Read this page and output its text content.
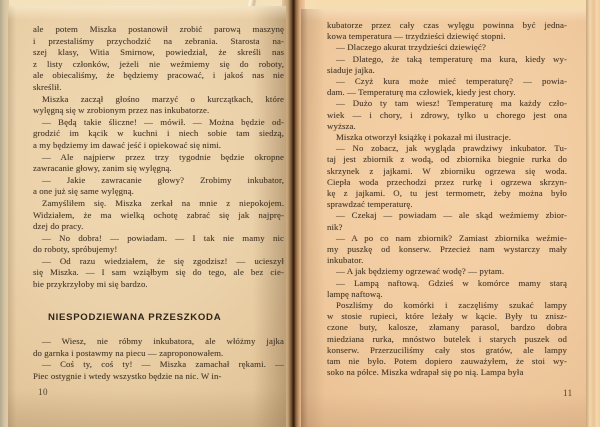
ale potem Miszka postanowił zrobić parową maszynę
i przestaliśmy przychodzić na zebrania. Starosta na-
szej klasy, Witia Smirnow, powiedział, że skreśli nas
z listy członków, jeżeli nie weźmiemy się do roboty,
ale obiecaliśmy, że będziemy pracować, i jakoś nas nie
skreślił.
Miszka zaczął głośno marzyć o kurczątkach, które
wylęgną się w zrobionym przez nas inkubatorze.
— Będą takie śliczne! — mówił. — Można będzie od-
grodzić im kącik w kuchni i niech sobie tam siedzą,
a my będziemy im dawać jeść i opiekować się nimi.
— Ale najpierw przez trzy tygodnie będzie okropne
zawracanie głowy, zanim się wylęgną.
— Jakie zawracanie głowy? Zrobimy inkubator,
a one już się same wylęgną.
Zamyśliłem się. Miszka zerkał na mnie z niepokojem.
Widziałem, że ma wielką ochotę zabrać się jak najprę-
dzej do pracy.
— No dobra! — powiadam. — I tak nie mamy nic
do roboty, spróbujemy!
— Od razu wiedziałem, że się zgodzisz! — ucieszył
się Miszka. — I sam wziąłbym się do tego, ale bez cie-
bie przykrzyłoby mi się bardzo.
NIESPODZIEWANA PRZESZKODA
— Wiesz, nie róbmy inkubatora, ale włóżmy jajka
do garnka i postawmy na piecu — zaproponowałem.
— Coś ty, coś ty! — Miszka zamachał rękami. —
Piec ostygnie i wtedy wszystko będzie na nic. W in-
10
kubatorze przez cały czas wylęgu powinna być jedna-
kowa temperatura — trzydzieści dziewięć stopni.
— Dlaczego akurat trzydzieści dziewięć?
— Dlatego, że taką temperaturę ma kura, kiedy wy-
siaduje jajka.
— Czyż kura może mieć temperaturę? — powia-
dam. — Temperaturę ma człowiek, kiedy jest chory.
— Dużo ty tam wiesz! Temperaturę ma każdy czło-
wiek — i chory, i zdrowy, tylko u chorego jest ona
wyższa.
Miszka otworzył książkę i pokazał mi ilustracje.
— No zobacz, jak wygląda prawdziwy inkubator. Tu-
taj jest zbiornik z wodą, od zbiornika biegnie rurka do
skrzynek z jajkami. W zbiorniku ogrzewa się woda.
Ciepła woda przechodzi przez rurkę i ogrzewa skrzyn-
kę z jajkami. O, tu jest termometr, żeby można było
sprawdzać temperaturę.
— Czekaj — powiadam — ale skąd weźmiemy zbior-
nik?
— A po co nam zbiornik? Zamiast zbiornika weźmie-
my puszkę od konserw. Przecież nam wystarczy mały
inkubator.
— A jak będziemy ogrzewać wodę? — pytam.
— Lampą naftową. Gdzieś w komórce mamy starą
lampę naftową.
Poszliśmy do komórki i zaczęliśmy szukać lampy
w stosie rupieci, które leżały w kącie. Były tu znisz-
czone buty, kalosze, złamany parasol, bardzo dobra
miedziana rurka, mnóstwo butelek i starych puszek od
konserw. Przerzuciliśmy cały stos gratów, ale lampy
tam nie było. Potem dopiero zauważyłem, że stoi wy-
soko na półce. Miszka wdrapał się po nią. Lampa była
11
